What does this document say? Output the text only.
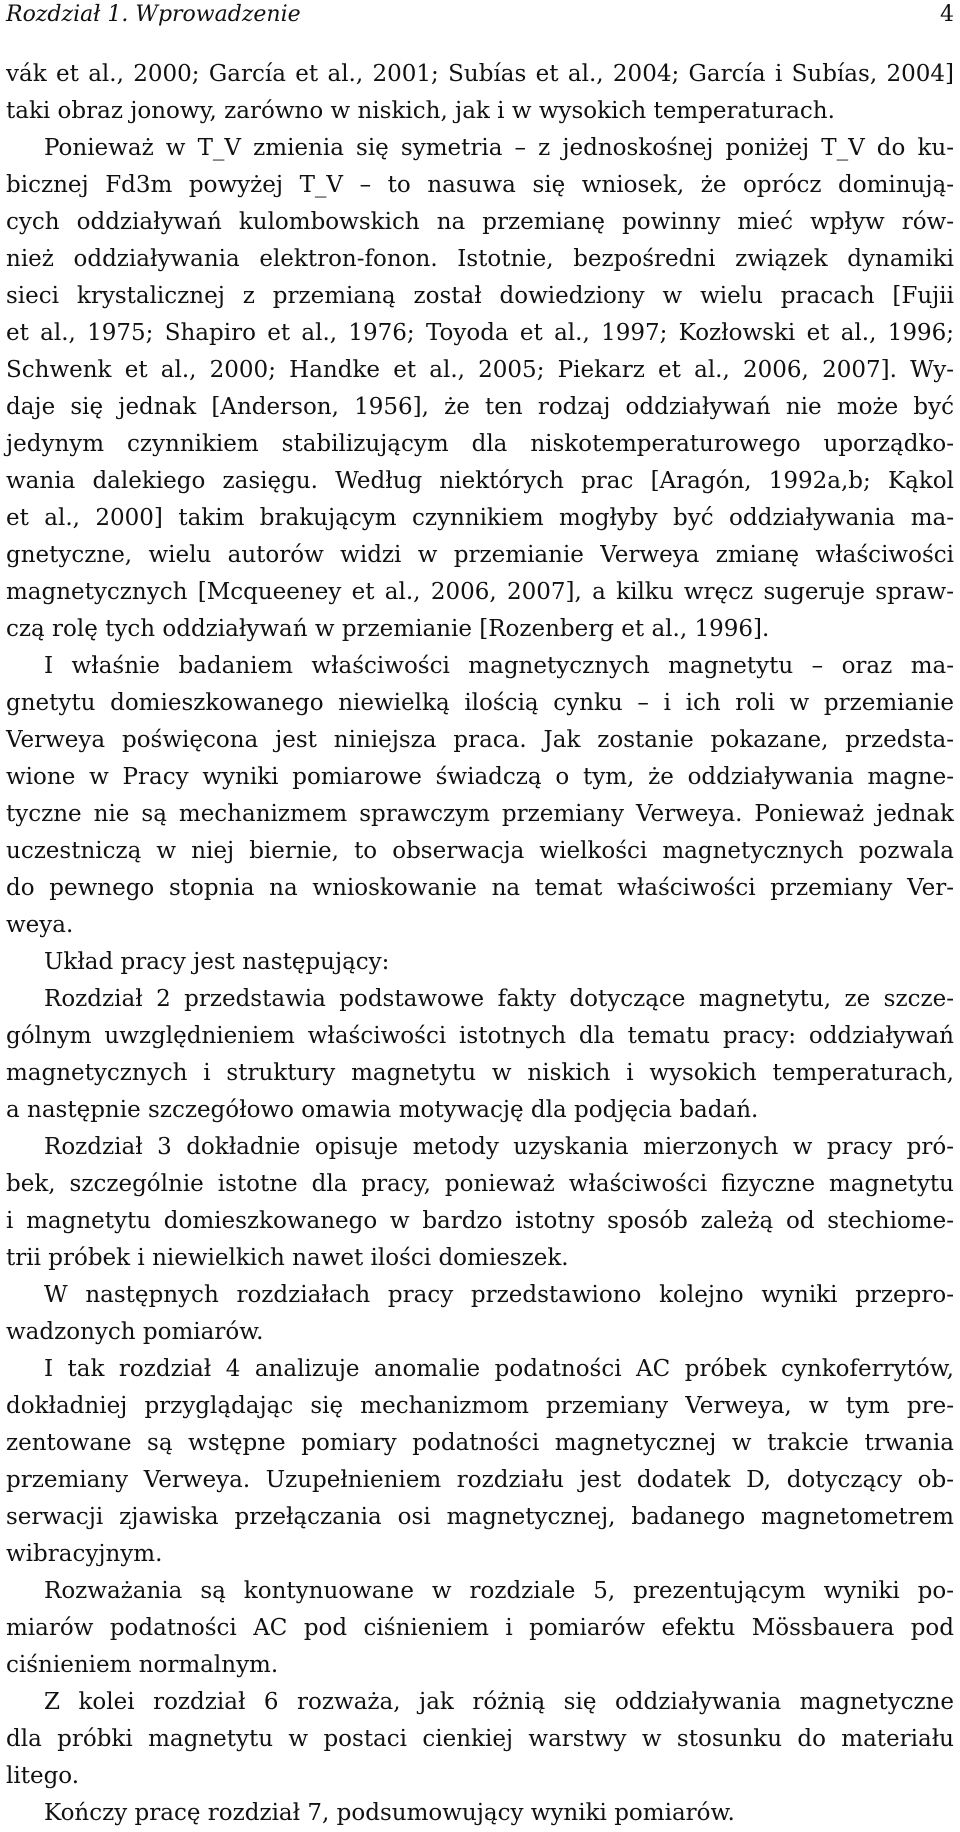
Rozdział 1. Wprowadzenie	4
vák et al., 2000; García et al., 2001; Subías et al., 2004; García i Subías, 2004]
taki obraz jonowy, zarówno w niskich, jak i w wysokich temperaturach.
Ponieważ w T_V zmienia się symetria – z jednoskośnej poniżej T_V do ku-
bicznej Fd3m powyżej T_V – to nasuwa się wniosek, że oprócz dominują-
cych oddziaływań kulombowskich na przemianę powinny mieć wpływ rów-
nież oddziaływania elektron-fonon. Istotnie, bezpośredni związek dynamiki
sieci krystalicznej z przemianą został dowiedziony w wielu pracach [Fujii
et al., 1975; Shapiro et al., 1976; Toyoda et al., 1997; Kozłowski et al., 1996;
Schwenk et al., 2000; Handke et al., 2005; Piekarz et al., 2006, 2007]. Wy-
daje się jednak [Anderson, 1956], że ten rodzaj oddziaływań nie może być
jedynym czynnikiem stabilizującym dla niskotemperaturowego uporządko-
wania dalekiego zasięgu. Według niektórych prac [Aragón, 1992a,b; Kąkol
et al., 2000] takim brakującym czynnikiem mogłyby być oddziaływania ma-
gnetyczne, wielu autorów widzi w przemianie Verweya zmianę właściwości
magnetycznych [Mcqueeney et al., 2006, 2007], a kilku wręcz sugeruje spraw-
czą rolę tych oddziaływań w przemianie [Rozenberg et al., 1996].
I właśnie badaniem właściwości magnetycznych magnetytu – oraz ma-
gnetytu domieszkowanego niewielką ilością cynku – i ich roli w przemianie
Verweya poświęcona jest niniejsza praca. Jak zostanie pokazane, przedsta-
wione w Pracy wyniki pomiarowe świadczą o tym, że oddziaływania magne-
tyczne nie są mechanizmem sprawczym przemiany Verweya. Ponieważ jednak
uczestniczą w niej biernie, to obserwacja wielkości magnetycznych pozwala
do pewnego stopnia na wnioskowanie na temat właściwości przemiany Ver-
weya.
Układ pracy jest następujący:
Rozdział 2 przedstawia podstawowe fakty dotyczące magnetytu, ze szcze-
gólnym uwzględnieniem właściwości istotnych dla tematu pracy: oddziaływań
magnetycznych i struktury magnetytu w niskich i wysokich temperaturach,
a następnie szczegółowo omawia motywację dla podjęcia badań.
Rozdział 3 dokładnie opisuje metody uzyskania mierzonych w pracy pró-
bek, szczególnie istotne dla pracy, ponieważ właściwości fizyczne magnetytu
i magnetytu domieszkowanego w bardzo istotny sposób zależą od stechiome-
trii próbek i niewielkich nawet ilości domieszek.
W następnych rozdziałach pracy przedstawiono kolejno wyniki przepro-
wadzonych pomiarów.
I tak rozdział 4 analizuje anomalie podatności AC próbek cynkoferrytów,
dokładniej przyglądając się mechanizmom przemiany Verweya, w tym pre-
zentowane są wstępne pomiary podatności magnetycznej w trakcie trwania
przemiany Verweya. Uzupełnieniem rozdziału jest dodatek D, dotyczący ob-
serwacji zjawiska przełączania osi magnetycznej, badanego magnetometrem
wibracyjnym.
Rozważania są kontynuowane w rozdziale 5, prezentującym wyniki po-
miarów podatności AC pod ciśnieniem i pomiarów efektu Mössbauera pod
ciśnieniem normalnym.
Z kolei rozdział 6 rozważa, jak różnią się oddziaływania magnetyczne
dla próbki magnetytu w postaci cienkiej warstwy w stosunku do materiału
litego.
Kończy pracę rozdział 7, podsumowujący wyniki pomiarów.
